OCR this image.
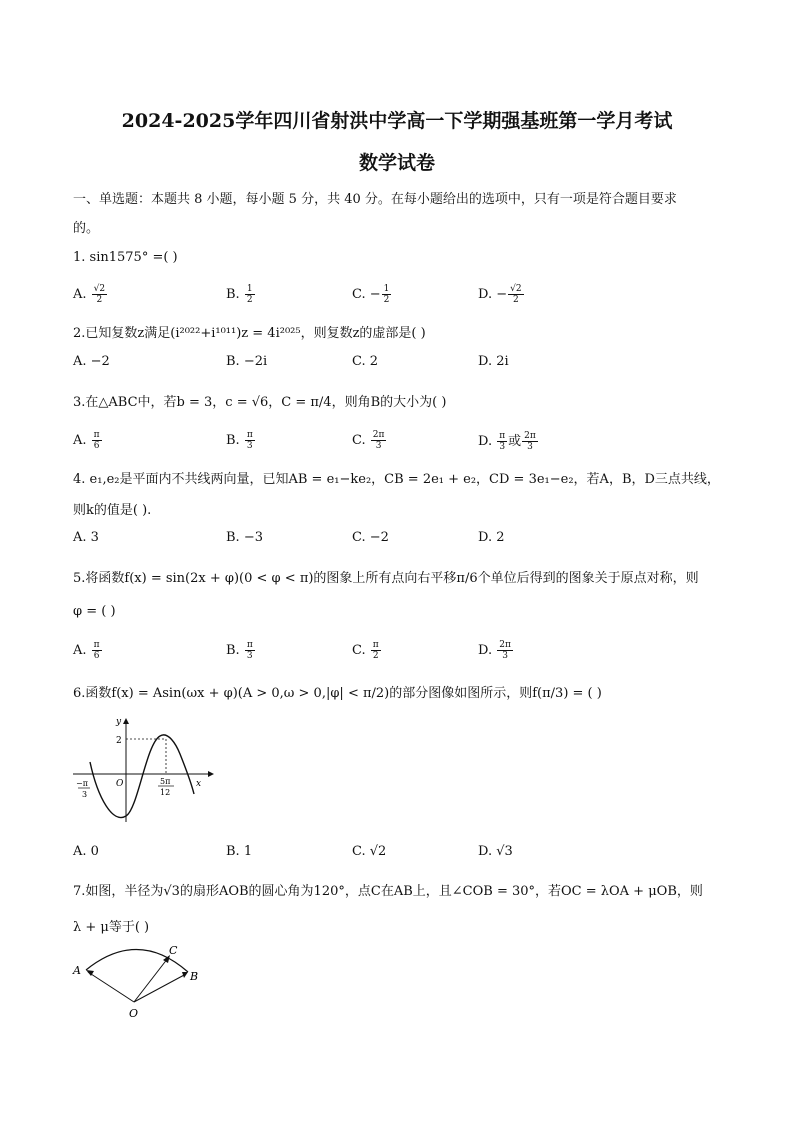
2024-2025学年四川省射洪中学高一下学期强基班第一学月考试
数学试卷
一、单选题：本题共 8 小题，每小题 5 分，共 40 分。在每小题给出的选项中，只有一项是符合题目要求
的。
1. sin1575° =( )
A. $\frac{√2}{2}$	B. $\frac{1}{2}$	C. − $\frac{1}{2}$	D. − $\frac{√2}{2}$
2.已知复数z满足(i²⁰²²+i¹⁰¹¹)z = 4i²⁰²⁵，则复数z的虚部是( )
A. −2	B. −2i	C. 2	D. 2i
3.在△ABC中，若b = 3，c = √6，C = π/4，则角B的大小为( )
A. $\frac{\pi}{6}$	B. $\frac{\pi}{3}$	C. $\frac{2\pi}{3}$	D. $\frac{\pi}{3}$ 或 $\frac{2\pi}{3}$
4. e₁,e₂是平面内不共线两向量，已知AB = e₁−ke₂，CB = 2e₁ + e₂，CD = 3e₁−e₂，若A，B，D三点共线，
则k的值是( ).
A. 3	B. −3	C. −2	D. 2
5.将函数f(x) = sin(2x + φ)(0 < φ < π)的图象上所有点向右平移π/6个单位后得到的图象关于原点对称，则
φ = ( )
A. $\frac{\pi}{6}$	B. $\frac{\pi}{3}$	C. $\frac{\pi}{2}$	D. $\frac{2\pi}{3}$
6.函数f(x) = Asin(ωx + φ)(A > 0,ω > 0,|φ| < π/2)的部分图像如图所示，则f(π/3) = ( )
y
x
O
2
−π
3
5π
12
A. 0	B. 1	C. √2	D. √3
7.如图，半径为√3的扇形AOB的圆心角为120°，点C在AB上，且∠COB = 30°，若OC = λOA + μOB，则
λ + μ等于( )
A	B
C
O
